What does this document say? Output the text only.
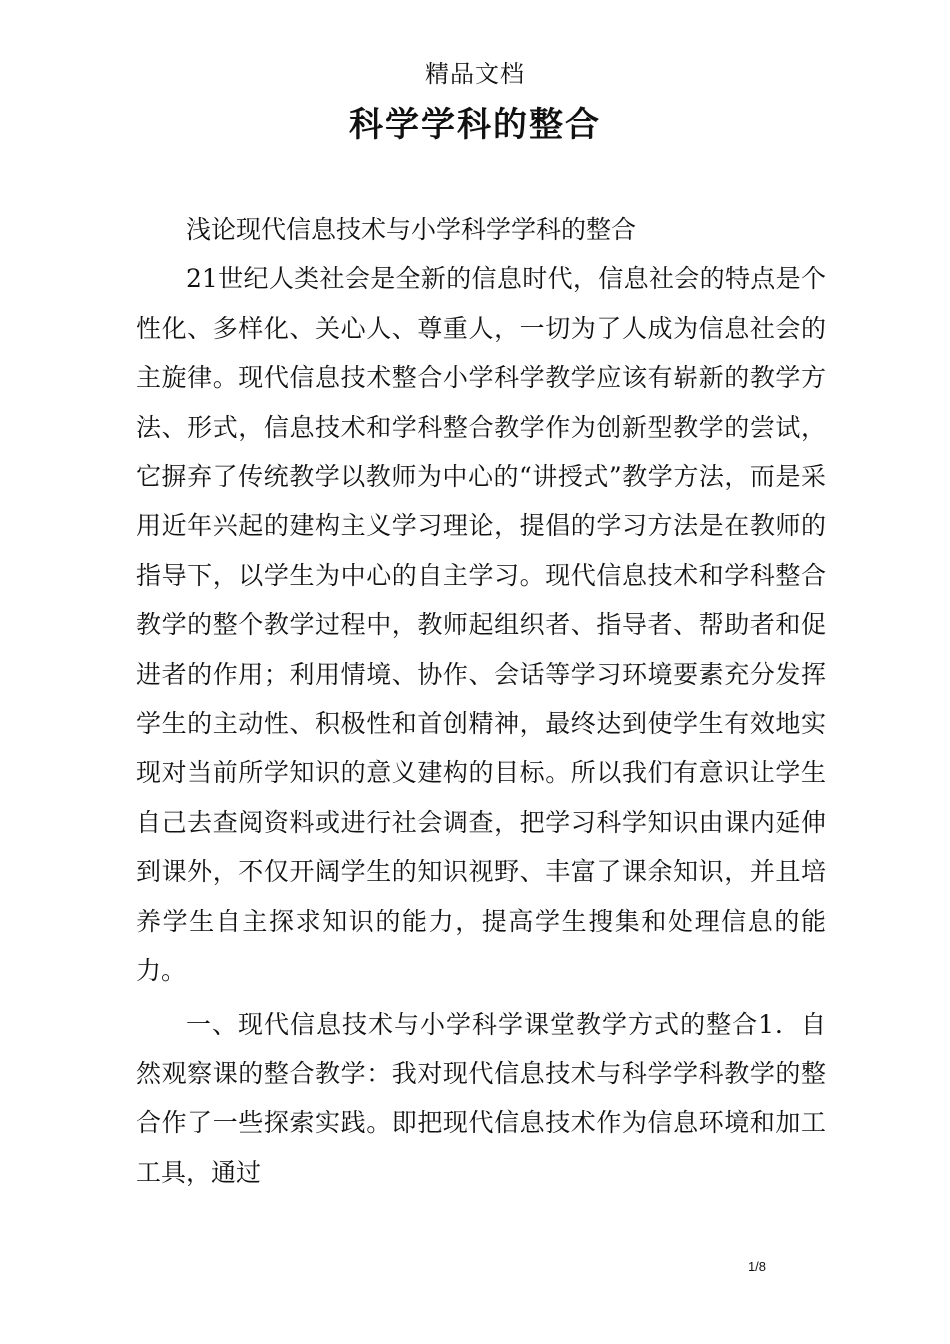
精品文档
科学学科的整合

浅论现代信息技术与小学科学学科的整合

21世纪人类社会是全新的信息时代，信息社会的特点是个性化、多样化、关心人、尊重人，一切为了人成为信息社会的主旋律。现代信息技术整合小学科学教学应该有崭新的教学方法、形式，信息技术和学科整合教学作为创新型教学的尝试，它摒弃了传统教学以教师为中心的“讲授式”教学方法，而是采用近年兴起的建构主义学习理论，提倡的学习方法是在教师的指导下，以学生为中心的自主学习。现代信息技术和学科整合教学的整个教学过程中，教师起组织者、指导者、帮助者和促进者的作用；利用情境、协作、会话等学习环境要素充分发挥学生的主动性、积极性和首创精神，最终达到使学生有效地实现对当前所学知识的意义建构的目标。所以我们有意识让学生自己去查阅资料或进行社会调查，把学习科学知识由课内延伸到课外，不仅开阔学生的知识视野、丰富了课余知识，并且培养学生自主探求知识的能力，提高学生搜集和处理信息的能力。

一、现代信息技术与小学科学课堂教学方式的整合1．自然观察课的整合教学：我对现代信息技术与科学学科教学的整合作了一些探索实践。即把现代信息技术作为信息环境和加工工具，通过

1/8
